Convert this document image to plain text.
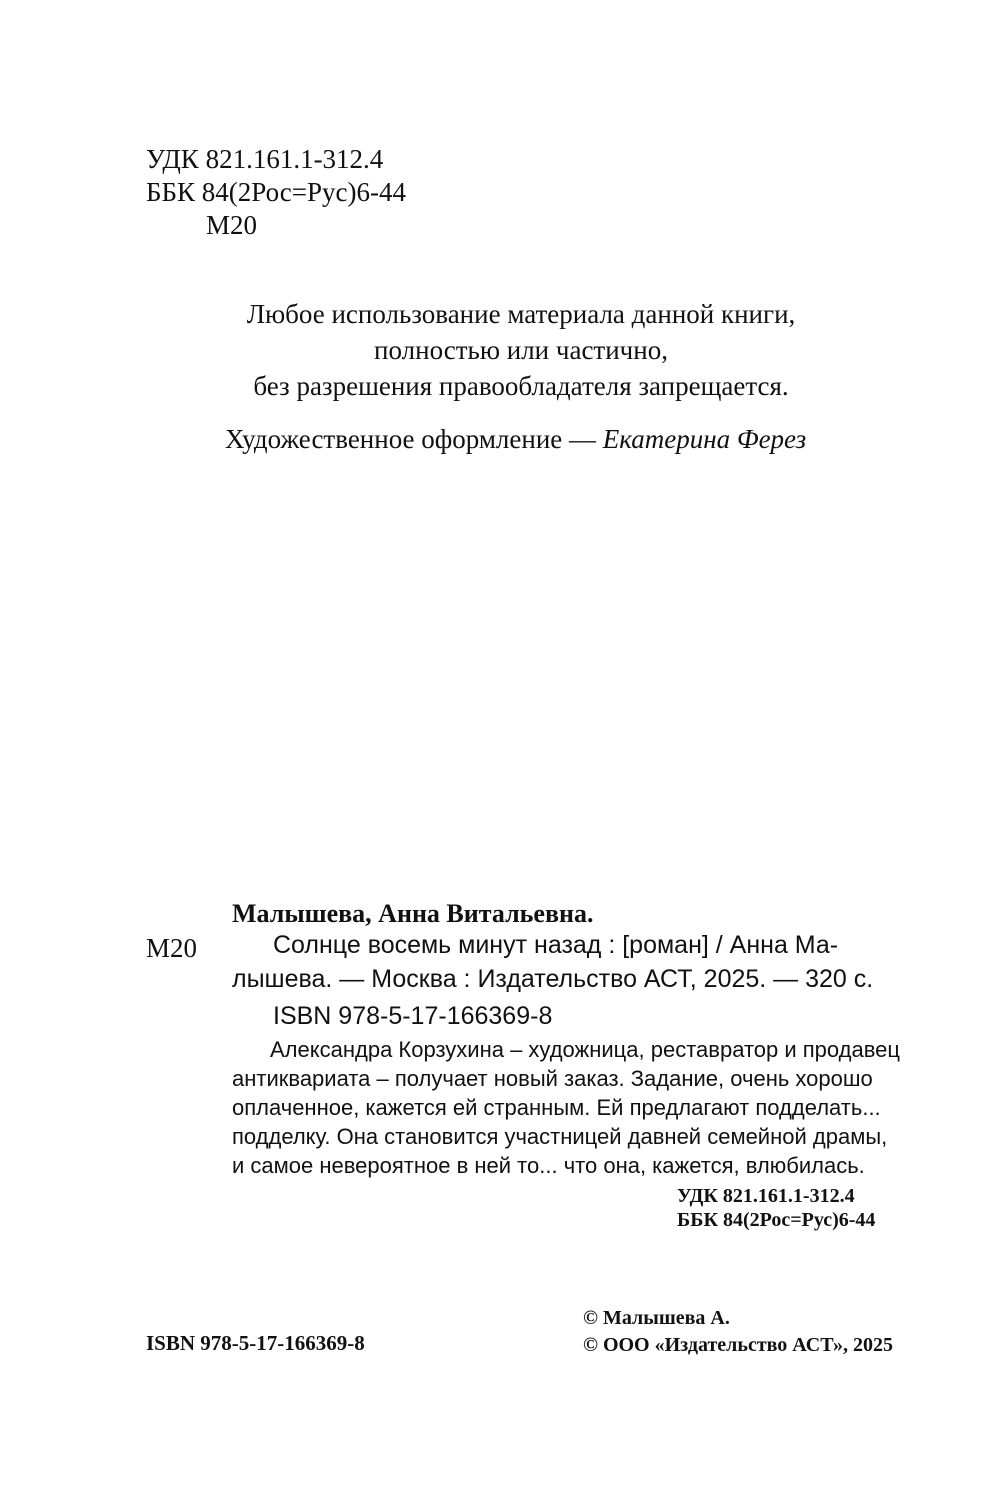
УДК 821.161.1-312.4
ББК 84(2Рос=Рус)6-44
М20
Любое использование материала данной книги,
полностью или частично,
без разрешения правообладателя запрещается.
Художественное оформление — Екатерина Ферез
Малышева, Анна Витальевна.
М20	Солнце восемь минут назад : [роман] / Анна Ма-
лышева. — Москва : Издательство АСТ, 2025. — 320 с.
ISBN 978-5-17-166369-8
Александра Корзухина – художница, реставратор и продавец
антиквариата – получает новый заказ. Задание, очень хорошо
оплаченное, кажется ей странным. Ей предлагают подделать...
подделку. Она становится участницей давней семейной драмы,
и самое невероятное в ней то... что она, кажется, влюбилась.
УДК 821.161.1-312.4
ББК 84(2Рос=Рус)6-44
ISBN 978-5-17-166369-8
© Малышева А.
© ООО «Издательство АСТ», 2025
